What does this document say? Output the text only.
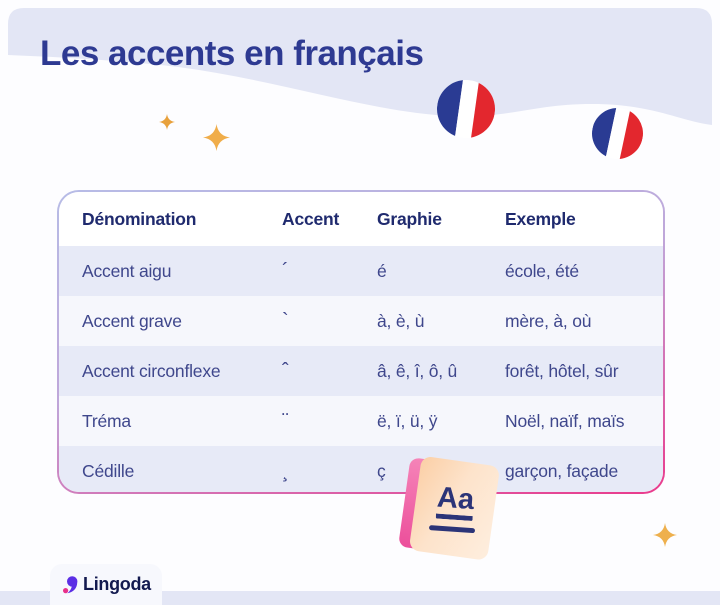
Les accents en français
Dénomination	Accent	Graphie	Exemple
Accent aigu	´	é	école, été
Accent grave	`	à, è, ù	mère, à, où
Accent circonflexe	ˆ	â, ê, î, ô, û	forêt, hôtel, sûr
Tréma	¨	ë, ï, ü, ÿ	Noël, naïf, maïs
Cédille	¸	ç	garçon, façade
Aa
Lingoda
